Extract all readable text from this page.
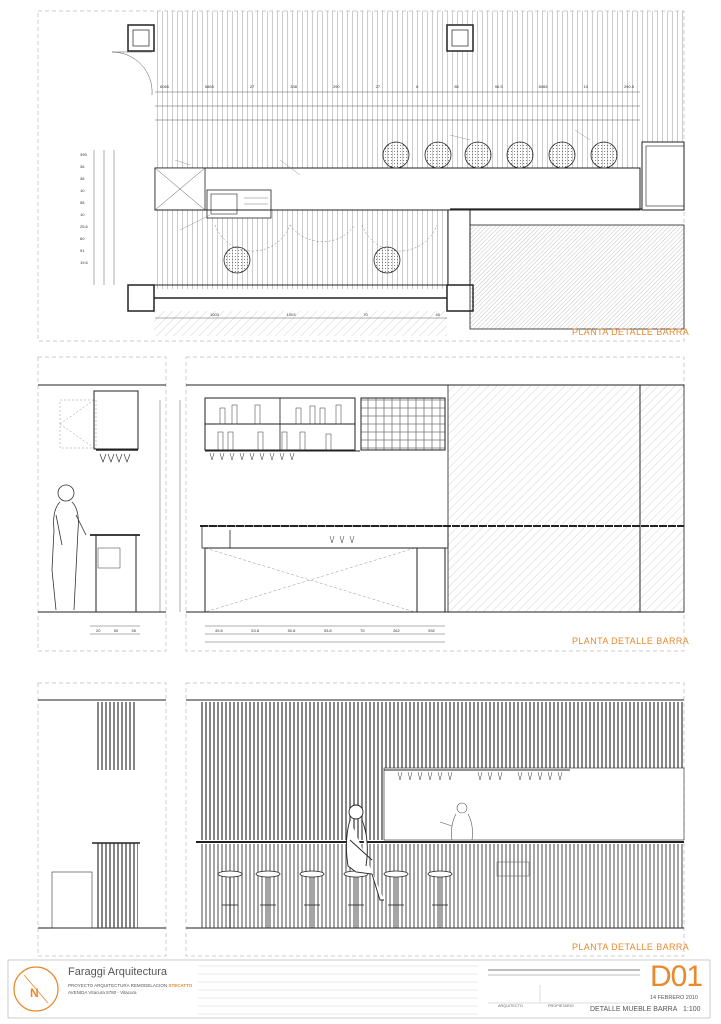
PLANTA DETALLE BARRA
PLANTA DETALLE BARRA
PLANTA DETALLE BARRA
6065	5865	27	338	290	27	6	85	96.5	6065	10	290.5
395
36
36
10
58
10
25.6
60
91
19.6
1003	1003	70	40
49.8	53.8	50.8	53.8	75	262	592
20	50	55
N
Faraggi Arquitectura
PROYECTO ARQUITECTURA REMODELACION STECATTO
AVENIDA Vitacura 5780 - Vitacura
ARQUITECTO	PROPIETARIO
D01
14 FEBRERO 2010
DETALLE MUEBLE BARRA 1:100
